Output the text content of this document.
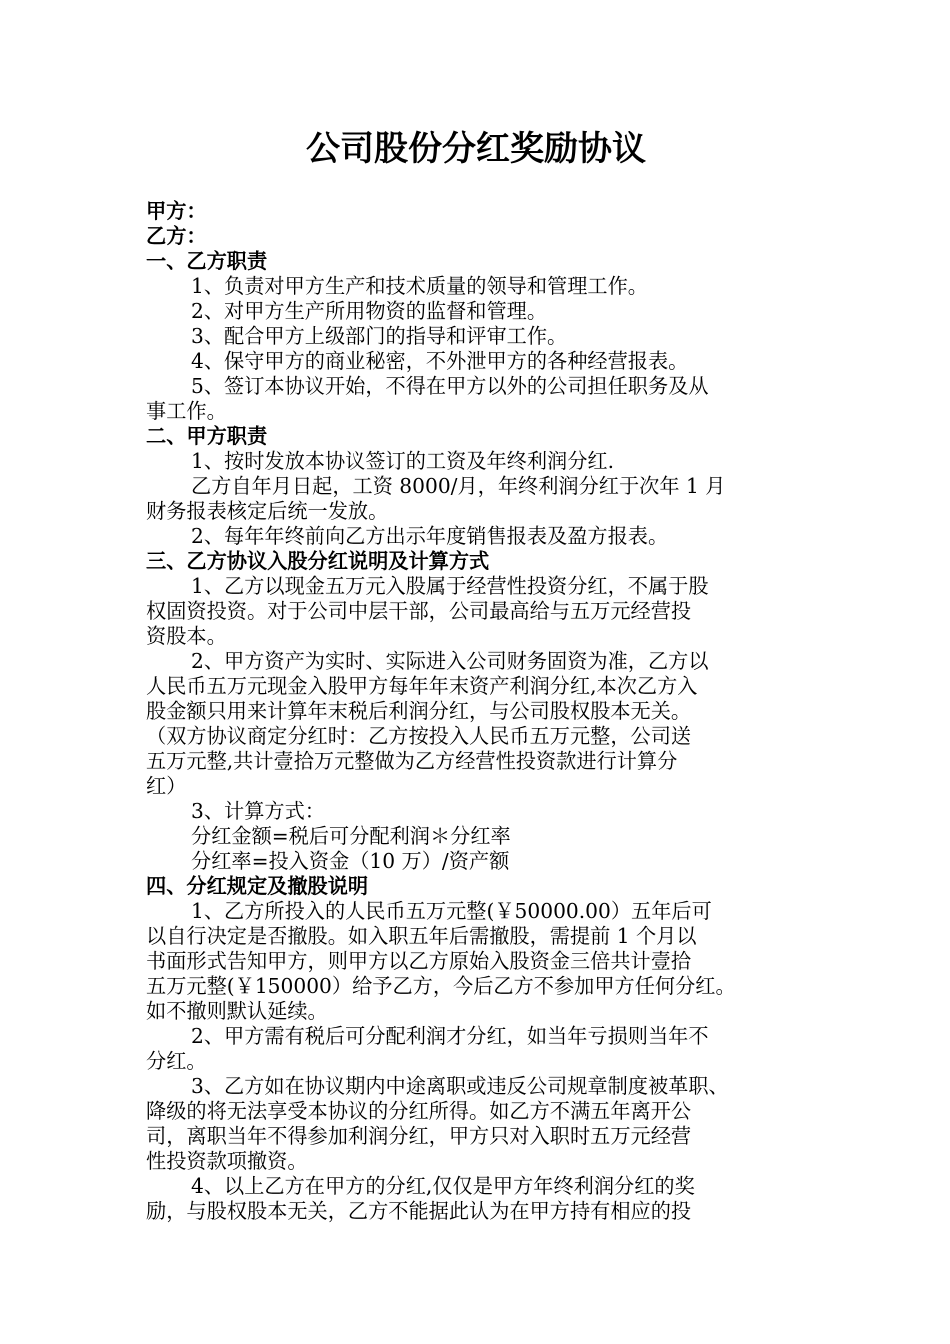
公司股份分红奖励协议
甲方：
乙方：
一、乙方职责
1、负责对甲方生产和技术质量的领导和管理工作。
2、对甲方生产所用物资的监督和管理。
3、配合甲方上级部门的指导和评审工作。
4、保守甲方的商业秘密，不外泄甲方的各种经营报表。
5、签订本协议开始，不得在甲方以外的公司担任职务及从
事工作。
二、甲方职责
1、按时发放本协议签订的工资及年终利润分红.
乙方自年月日起，工资 8000/月，年终利润分红于次年 1 月
财务报表核定后统一发放。
2、每年年终前向乙方出示年度销售报表及盈方报表。
三、乙方协议入股分红说明及计算方式
1、乙方以现金五万元入股属于经营性投资分红，不属于股
权固资投资。对于公司中层干部，公司最高给与五万元经营投
资股本。
2、甲方资产为实时、实际进入公司财务固资为准，乙方以
人民币五万元现金入股甲方每年年末资产利润分红,本次乙方入
股金额只用来计算年末税后利润分红，与公司股权股本无关。
（双方协议商定分红时：乙方按投入人民币五万元整，公司送
五万元整,共计壹拾万元整做为乙方经营性投资款进行计算分
红）
3、计算方式：
分红金额=税后可分配利润＊分红率
分红率=投入资金（10 万）/资产额
四、分红规定及撤股说明
1、乙方所投入的人民币五万元整(￥50000.00）五年后可
以自行决定是否撤股。如入职五年后需撤股，需提前 1 个月以
书面形式告知甲方，则甲方以乙方原始入股资金三倍共计壹拾
五万元整(￥150000）给予乙方，今后乙方不参加甲方任何分红。
如不撤则默认延续。
2、甲方需有税后可分配利润才分红，如当年亏损则当年不
分红。
3、乙方如在协议期内中途离职或违反公司规章制度被革职、
降级的将无法享受本协议的分红所得。如乙方不满五年离开公
司，离职当年不得参加利润分红，甲方只对入职时五万元经营
性投资款项撤资。
4、以上乙方在甲方的分红,仅仅是甲方年终利润分红的奖
励，与股权股本无关，乙方不能据此认为在甲方持有相应的投
